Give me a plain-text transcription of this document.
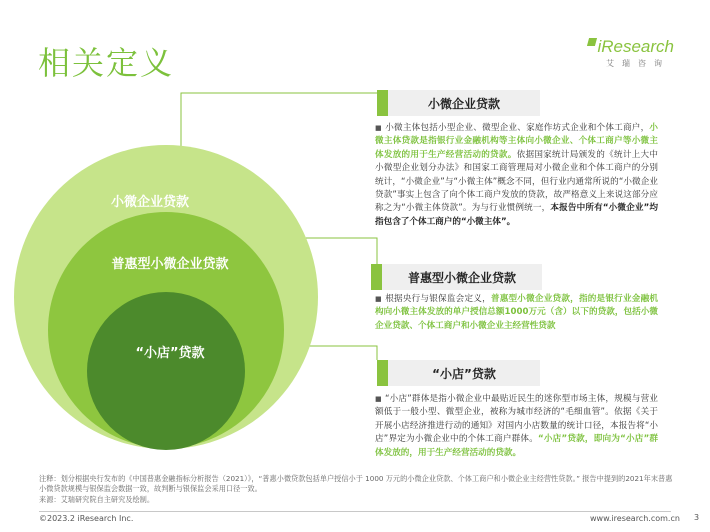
相关定义	iResearch
艾瑞咨询
小微企业贷款
普惠型小微企业贷款
“小店”贷款
小微企业贷款
■ 小微主体包括小型企业、微型企业、家庭作坊式企业和个体工商户，小微主体贷款是指银行业金融机构等主体向小微企业、个体工商户等小微主体发放的用于生产经营活动的贷款。依据国家统计局颁发的《统计上大中小微型企业划分办法》和国家工商管理局对小微企业和个体工商户的分别统计，“小微企业”与“小微主体”概念不同，但行业内通常所说的“小微企业贷款”事实上包含了向个体工商户发放的贷款，故严格意义上来说这部分应称之为“小微主体贷款”。为与行业惯例统一，本报告中所有“小微企业”均指包含了个体工商户的“小微主体”。
普惠型小微企业贷款
■ 根据央行与银保监会定义，普惠型小微企业贷款，指的是银行业金融机构向小微主体发放的单户授信总额1000万元（含）以下的贷款，包括小微企业贷款、个体工商户和小微企业主经营性贷款
“小店”贷款
■ “小店”群体是指小微企业中最贴近民生的迷你型市场主体，规模与营业额低于一般小型、微型企业，被称为城市经济的“毛细血管”。依据《关于开展小店经济推进行动的通知》对国内小店数量的统计口径，本报告将“小店”界定为小微企业中的个体工商户群体。“小店”贷款，即向为“小店”群体发放的，用于生产经营活动的贷款。
注释：划分根据央行发布的《中国普惠金融指标分析报告（2021）》，“普惠小微贷款包括单户授信小于 1000 万元的小微企业贷款、个体工商户和小微企业主经营性贷款。” 报告中提到的2021年末普惠小微贷款规模与银保监会数据一致，故判断与银保监会采用口径一致。
来源：艾瑞研究院自主研究及绘制。
©2023.2 iResearch Inc.	www.iresearch.com.cn 3
